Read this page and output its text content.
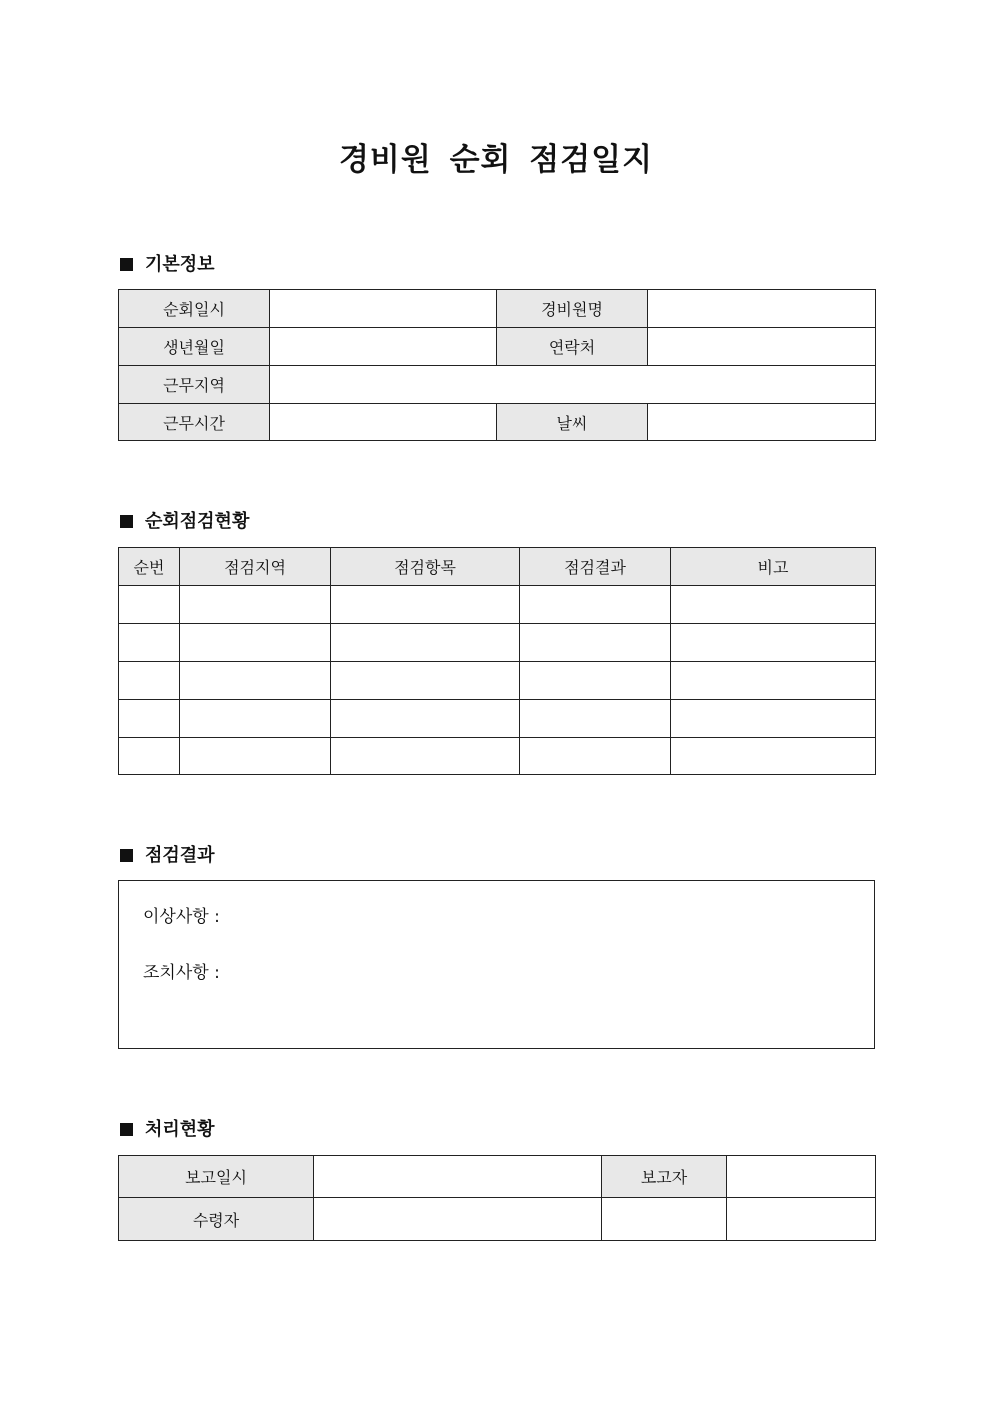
경비원 순회 점검일지
기본정보
순회일시		경비원명	
생년월일		연락처	
근무지역			
근무시간		날씨	
순회점검현황
순번	점검지역	점검항목	점검결과	비고

점검결과
이상사항 :
조치사항 :
처리현황
보고일시		보고자	
수령자			
